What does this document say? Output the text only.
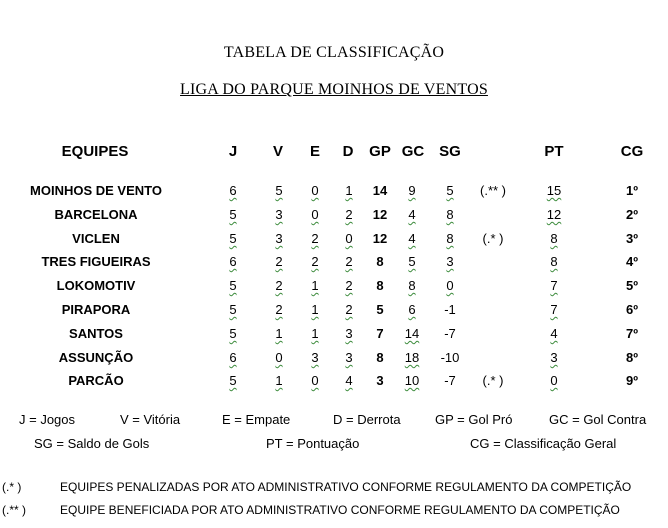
TABELA DE CLASSIFICAÇÃO
LIGA DO PARQUE MOINHOS DE VENTOS
EQUIPES	J V E D GP GC SG	PT	CG
MOINHOS DE VENTO	6	5 0 1 14 9 5 (.** )	15	1º
BARCELONA	5	3 0 2 12 4 8	12	2º
VICLEN	5	3 2 0 12 4 8 (.* )	8	3º
TRES FIGUEIRAS	6	2 2 2 8 5 3	8	4º
LOKOMOTIV	5	2 1 2 8 8 0	7	5º
PIRAPORA	5	2 1 2 5 6 -1	7	6º
SANTOS	5	1 1 3 7 14 -7	4	7º
ASSUNÇÃO	6	0 3 3 8 18 -10	3	8º
PARCÃO	5	1 0 4 3 10 -7 (.* )	0	9º
J = Jogos	V = Vitória	E = Empate	D = Derrota	GP = Gol Pró	GC = Gol Contra
SG = Saldo de Gols	PT = Pontuação	CG = Classificação Geral
(.* )	EQUIPES PENALIZADAS POR ATO ADMINISTRATIVO CONFORME REGULAMENTO DA COMPETIÇÃO
(.** )	EQUIPE BENEFICIADA POR ATO ADMINISTRATIVO CONFORME REGULAMENTO DA COMPETIÇÃO
